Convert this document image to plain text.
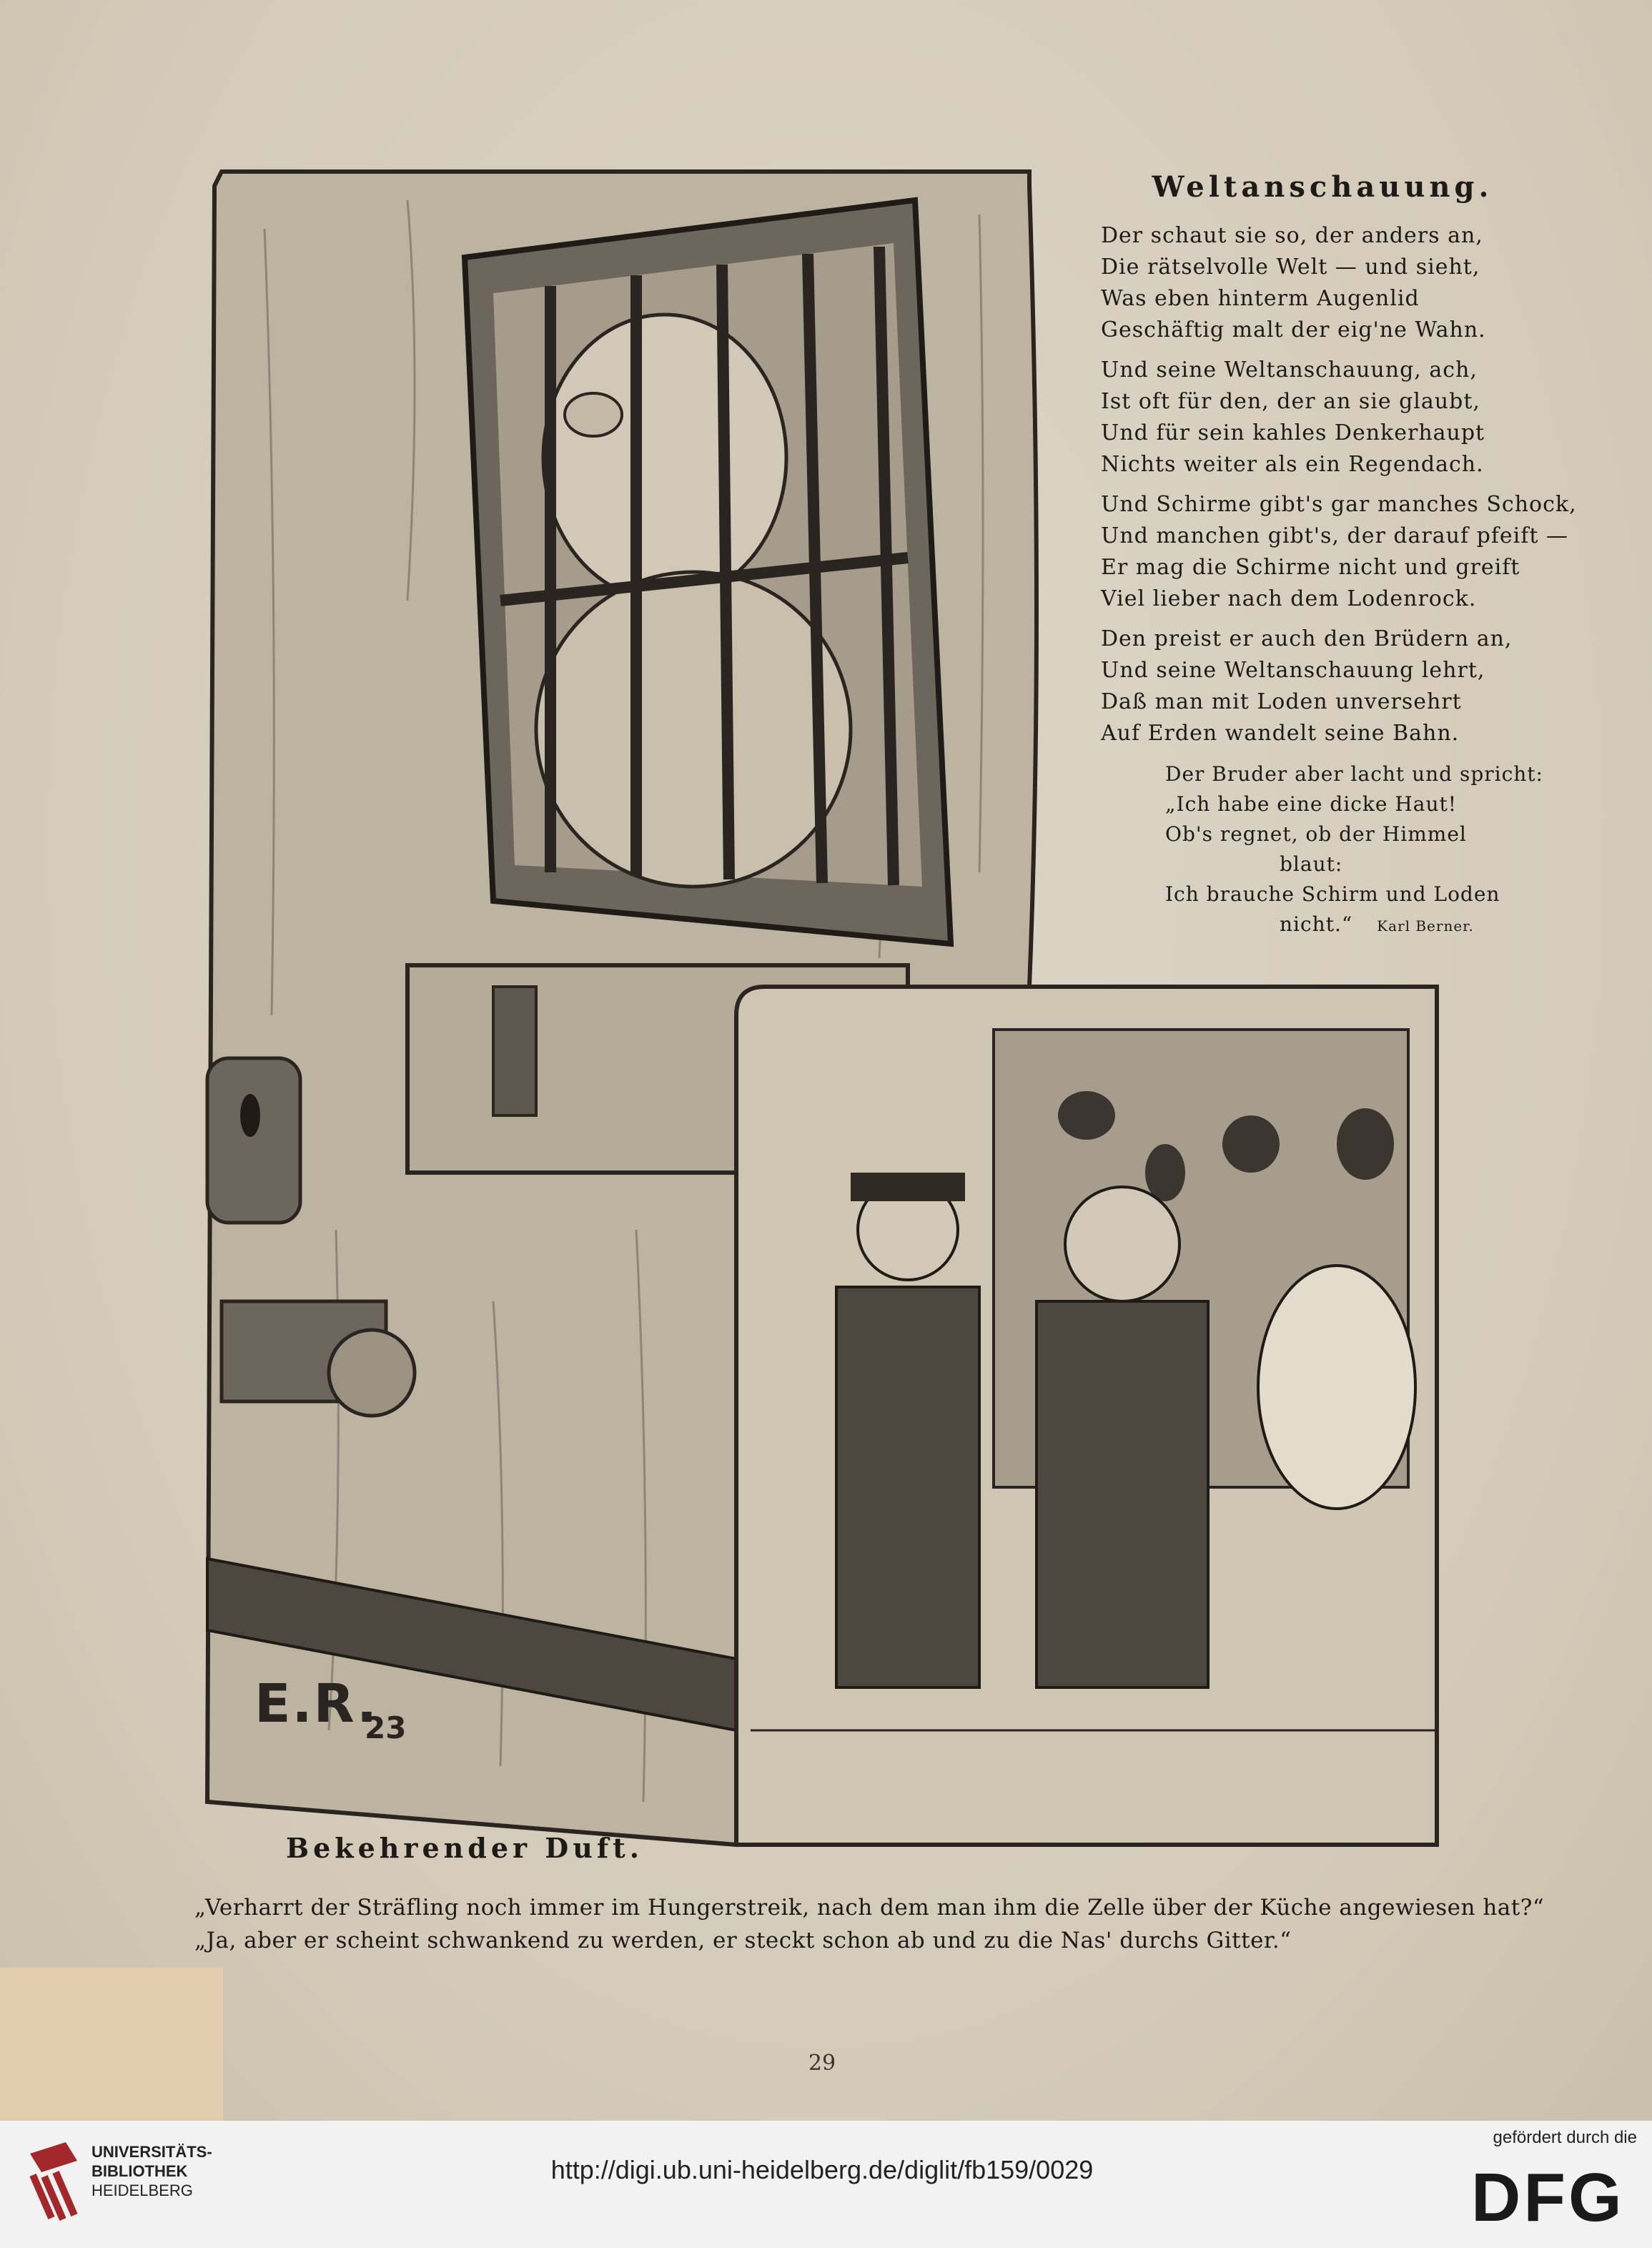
Weltanschauung.
Der schaut sie so, der anders an,
Die rätselvolle Welt — und sieht,
Was eben hinterm Augenlid
Geschäftig malt der eig'ne Wahn.
Und seine Weltanschauung, ach,
Ist oft für den, der an sie glaubt,
Und für sein kahles Denkerhaupt
Nichts weiter als ein Regendach.
Und Schirme gibt's gar manches Schock,
Und manchen gibt's, der darauf pfeift —
Er mag die Schirme nicht und greift
Viel lieber nach dem Lodenrock.
Den preist er auch den Brüdern an,
Und seine Weltanschauung lehrt,
Daß man mit Loden unversehrt
Auf Erden wandelt seine Bahn.
Der Bruder aber lacht und spricht:
„Ich habe eine dicke Haut!
Ob's regnet, ob der Himmel
blaut:
Ich brauche Schirm und Loden
nicht.“ Karl Berner.
E.R.
23
Bekehrender Duft.
„Verharrt der Sträfling noch immer im Hungerstreik, nach dem man ihm die Zelle über der Küche angewiesen hat?“
„Ja, aber er scheint schwankend zu werden, er steckt schon ab und zu die Nas' durchs Gitter.“
29
UNIVERSITÄTS-
BIBLIOTHEK
HEIDELBERG
http://digi.ub.uni-heidelberg.de/diglit/fb159/0029
gefördert durch die
DFG
